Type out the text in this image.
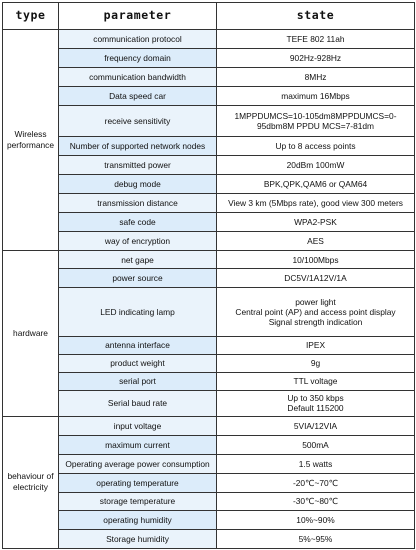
type	parameter	state
Wireless performance	communication protocol	TEFE 802 11ah

	frequency domain	902Hz-928Hz

	communication bandwidth	8MHz

	Data speed car	maximum 16Mbps

	receive sensitivity	1MPPDUMCS=10-105dm8MPPDUMCS=0-
95dbm8M PPDU MCS=7-81dm

	Number of supported network nodes	Up to 8 access points

	transmitted power	20dBm 100mW

	debug mode	BPK,QPK,QAM6 or QAM64

	transmission distance	View 3 km (5Mbps rate), good view 300 meters

	safe code	WPA2-PSK

	way of encryption	AES

hardware	net gape	10/100Mbps

	power source	DC5V/1A12V/1A

	LED indicating lamp	power light
Central point (AP) and access point display
Signal strength indication

	antenna interface	IPEX

	product weight	9g

	serial port	TTL voltage

	Serial baud rate	Up to 350 kbps
Default 115200

behaviour of electricity	input voltage	5VIA/12VIA

	maximum current	500mA

	Operating average power consumption	1.5 watts

	operating temperature	-20℃~70℃

	storage temperature	-30℃~80℃

	operating humidity	10%~90%

	Storage humidity	5%~95%
